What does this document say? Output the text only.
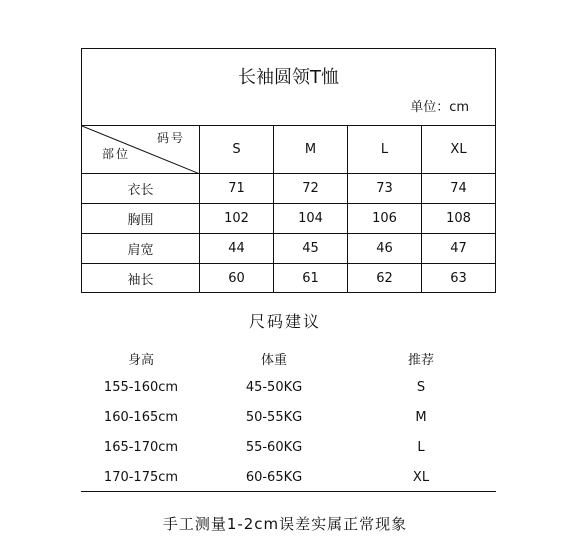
长袖圆领T恤
单位：cm
码号
部位	S	M	L	XL
衣长	71	72	73	74
胸围	102	104	106	108
肩宽	44	45	46	47
袖长	60	61	62	63
尺码建议
身高	体重	推荐
155-160cm	45-50KG	S
160-165cm	50-55KG	M
165-170cm	55-60KG	L
170-175cm	60-65KG	XL
手工测量1-2cm误差实属正常现象
